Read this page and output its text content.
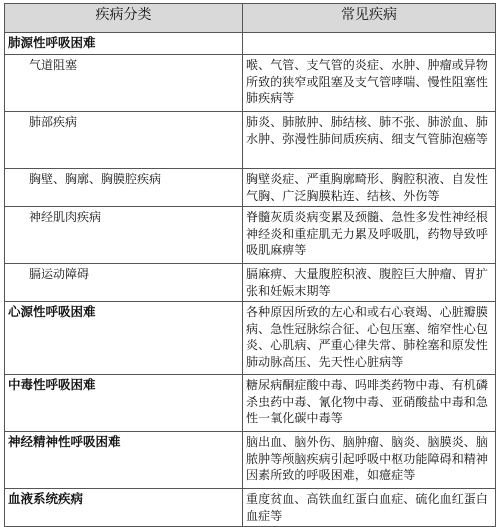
疾病分类	常见疾病
肺源性呼吸困难	
气道阻塞	喉、气管、支气管的炎症、水肿、肿瘤或异物所致的狭窄或阻塞及支气管哮喘、慢性阻塞性肺疾病等
肺部疾病	肺炎、肺脓肿、肺结核、肺不张、肺淤血、肺水肿、弥漫性肺间质疾病、细支气管肺泡癌等
胸壁、胸廓、胸膜腔疾病	胸壁炎症、严重胸廓畸形、胸腔积液、自发性气胸、广泛胸膜粘连、结核、外伤等
神经肌肉疾病	脊髓灰质炎病变累及颈髓、急性多发性神经根神经炎和重症肌无力累及呼吸肌，药物导致呼吸肌麻痹等
膈运动障碍	膈麻痹、大量腹腔积液、腹腔巨大肿瘤、胃扩张和妊娠末期等
心源性呼吸困难	各种原因所致的左心和或右心衰竭、心脏瓣膜病、急性冠脉综合征、心包压塞、缩窄性心包炎、心肌病、严重心律失常、肺栓塞和原发性肺动脉高压、先天性心脏病等
中毒性呼吸困难	糖尿病酮症酸中毒、吗啡类药物中毒、有机磷杀虫药中毒、氰化物中毒、亚硝酸盐中毒和急性一氧化碳中毒等
神经精神性呼吸困难	脑出血、脑外伤、脑肿瘤、脑炎、脑膜炎、脑脓肿等颅脑疾病引起呼吸中枢功能障碍和精神因素所致的呼吸困难，如癔症等
血液系统疾病	重度贫血、高铁血红蛋白血症、硫化血红蛋白血症等
